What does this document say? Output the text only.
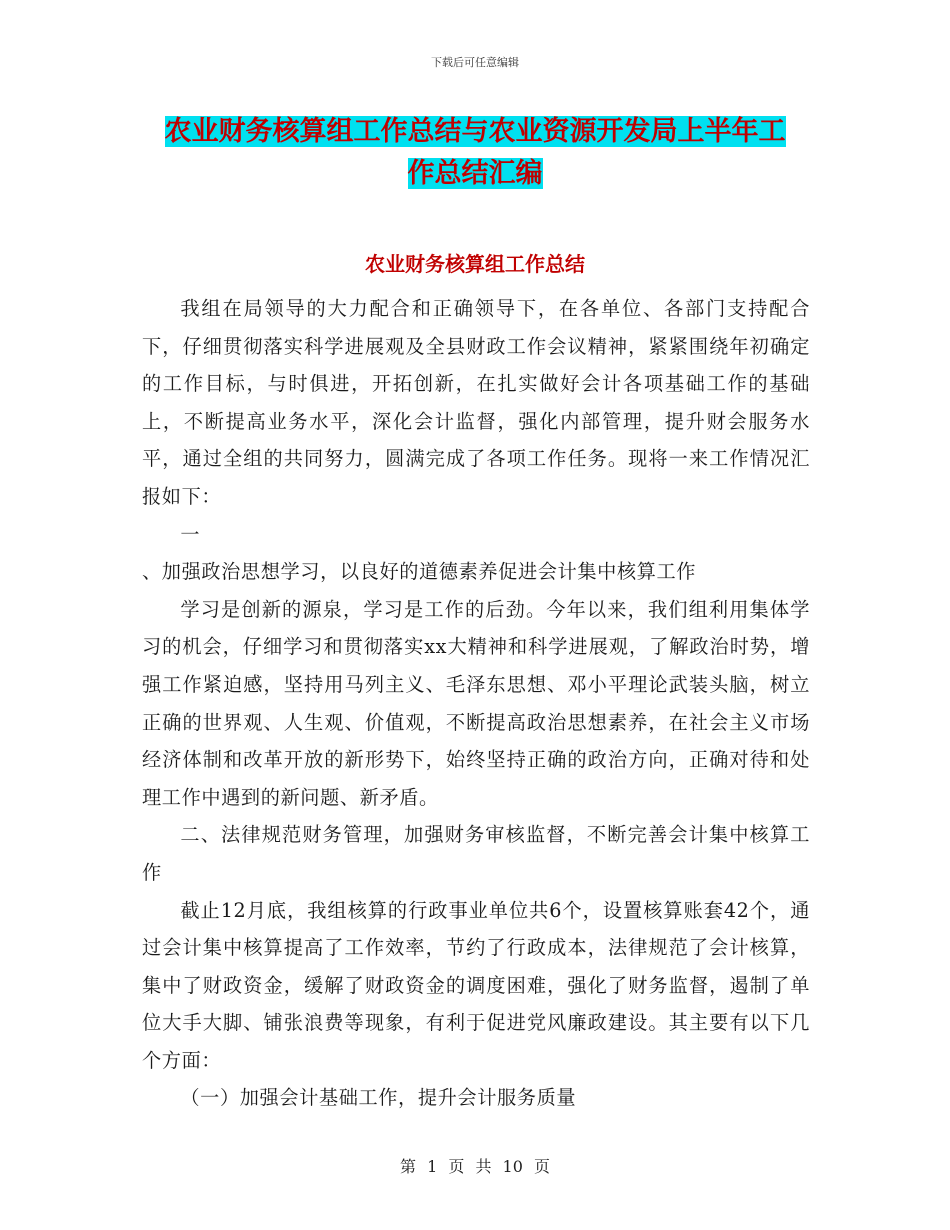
下载后可任意编辑
农业财务核算组工作总结与农业资源开发局上半年工
作总结汇编
农业财务核算组工作总结

我组在局领导的大力配合和正确领导下，在各单位、各部门支持配合下，仔细贯彻落实科学进展观及全县财政工作会议精神，紧紧围绕年初确定的工作目标，与时俱进，开拓创新，在扎实做好会计各项基础工作的基础上，不断提高业务水平，深化会计监督，强化内部管理，提升财会服务水平，通过全组的共同努力，圆满完成了各项工作任务。现将一来工作情况汇报如下：

一

、加强政治思想学习，以良好的道德素养促进会计集中核算工作

学习是创新的源泉，学习是工作的后劲。今年以来，我们组利用集体学习的机会，仔细学习和贯彻落实xx大精神和科学进展观，了解政治时势，增强工作紧迫感，坚持用马列主义、毛泽东思想、邓小平理论武装头脑，树立正确的世界观、人生观、价值观，不断提高政治思想素养，在社会主义市场经济体制和改革开放的新形势下，始终坚持正确的政治方向，正确对待和处理工作中遇到的新问题、新矛盾。

二、法律规范财务管理，加强财务审核监督，不断完善会计集中核算工作

截止12月底，我组核算的行政事业单位共6个，设置核算账套42个，通过会计集中核算提高了工作效率，节约了行政成本，法律规范了会计核算，集中了财政资金，缓解了财政资金的调度困难，强化了财务监督，遏制了单位大手大脚、铺张浪费等现象，有利于促进党风廉政建设。其主要有以下几个方面：

（一）加强会计基础工作，提升会计服务质量

第 1 页 共 10 页
